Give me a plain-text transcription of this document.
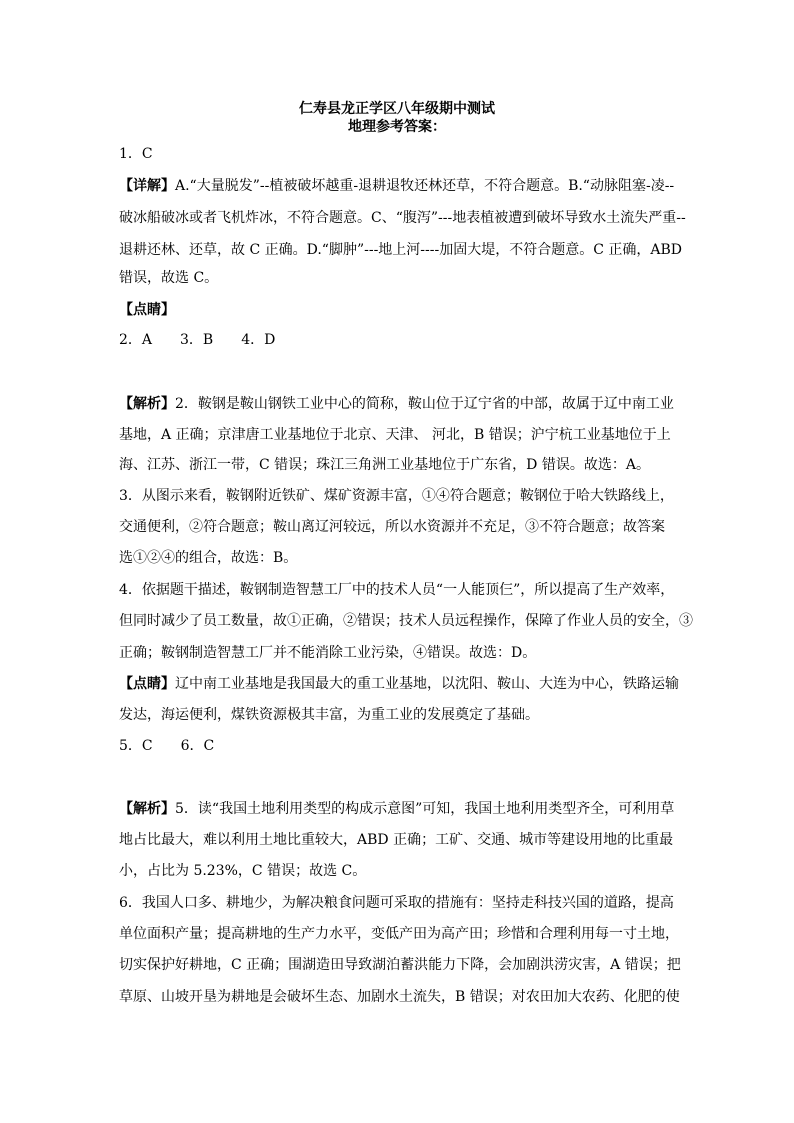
仁寿县龙正学区八年级期中测试
地理参考答案：
1．C
【详解】A.“大量脱发”--植被破坏越重-退耕退牧还林还草，不符合题意。B.“动脉阻塞-凌--
破冰船破冰或者飞机炸冰，不符合题意。C、“腹泻”---地表植被遭到破坏导致水土流失严重--
退耕还林、还草，故 C 正确。D.“脚肿”---地上河----加固大堤，不符合题意。C 正确，ABD
错误，故选 C。
【点睛】
2．A　　3．B　　4．D
【解析】2．鞍钢是鞍山钢铁工业中心的简称，鞍山位于辽宁省的中部，故属于辽中南工业
基地，A 正确；京津唐工业基地位于北京、天津、 河北，B 错误；沪宁杭工业基地位于上
海、江苏、浙江一带，C 错误；珠江三角洲工业基地位于广东省，D 错误。故选：A。
3．从图示来看，鞍钢附近铁矿、煤矿资源丰富，①④符合题意；鞍钢位于哈大铁路线上，
交通便利，②符合题意；鞍山离辽河较远，所以水资源并不充足，③不符合题意；故答案
选①②④的组合，故选：B。
4．依据题干描述，鞍钢制造智慧工厂中的技术人员“一人能顶仨”，所以提高了生产效率，
但同时减少了员工数量，故①正确，②错误；技术人员远程操作，保障了作业人员的安全，③
正确；鞍钢制造智慧工厂并不能消除工业污染，④错误。故选：D。
【点睛】辽中南工业基地是我国最大的重工业基地，以沈阳、鞍山、大连为中心，铁路运输
发达，海运便利，煤铁资源极其丰富，为重工业的发展奠定了基础。
5．C　　6．C
【解析】5．读“我国土地利用类型的构成示意图”可知，我国土地利用类型齐全，可利用草
地占比最大，难以利用土地比重较大，ABD 正确；工矿、交通、城市等建设用地的比重最
小，占比为 5.23%，C 错误；故选 C。
6．我国人口多、耕地少，为解决粮食问题可采取的措施有：坚持走科技兴国的道路，提高
单位面积产量；提高耕地的生产力水平，变低产田为高产田；珍惜和合理利用每一寸土地，
切实保护好耕地，C 正确；围湖造田导致湖泊蓄洪能力下降，会加剧洪涝灾害，A 错误；把
草原、山坡开垦为耕地是会破坏生态、加剧水土流失，B 错误；对农田加大农药、化肥的使
